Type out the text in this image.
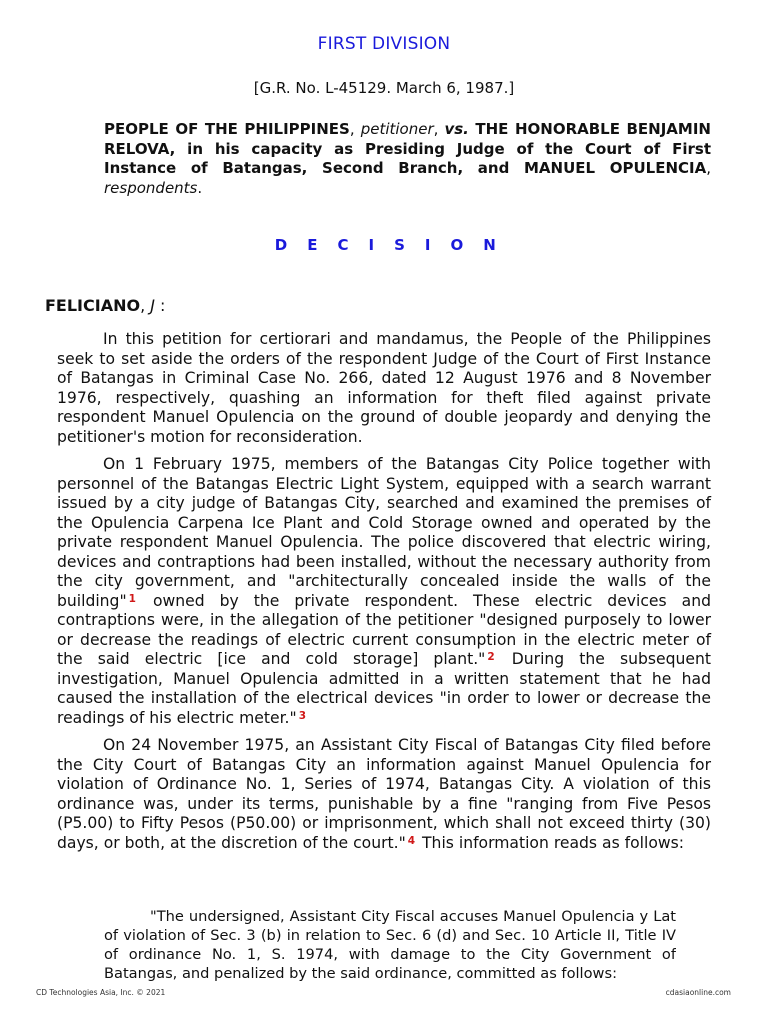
FIRST DIVISION
[G.R. No. L-45129. March 6, 1987.]
PEOPLE OF THE PHILIPPINES, petitioner, vs. THE HONORABLE BENJAMIN RELOVA, in his capacity as Presiding Judge of the Court of First Instance of Batangas, Second Branch, and MANUEL OPULENCIA, respondents.
D E C I S I O N
FELICIANO, J :

In this petition for certiorari and mandamus, the People of the Philippines seek to set aside the orders of the respondent Judge of the Court of First Instance of Batangas in Criminal Case No. 266, dated 12 August 1976 and 8 November 1976, respectively, quashing an information for theft filed against private respondent Manuel Opulencia on the ground of double jeopardy and denying the petitioner's motion for reconsideration.

On 1 February 1975, members of the Batangas City Police together with personnel of the Batangas Electric Light System, equipped with a search warrant issued by a city judge of Batangas City, searched and examined the premises of the Opulencia Carpena Ice Plant and Cold Storage owned and operated by the private respondent Manuel Opulencia. The police discovered that electric wiring, devices and contraptions had been installed, without the necessary authority from the city government, and "architecturally concealed inside the walls of the building" $^1$ owned by the private respondent. These electric devices and contraptions were, in the allegation of the petitioner "designed purposely to lower or decrease the readings of electric current consumption in the electric meter of the said electric [ice and cold storage] plant." $^2$ During the subsequent investigation, Manuel Opulencia admitted in a written statement that he had caused the installation of the electrical devices "in order to lower or decrease the readings of his electric meter." $^3$

On 24 November 1975, an Assistant City Fiscal of Batangas City filed before the City Court of Batangas City an information against Manuel Opulencia for violation of Ordinance No. 1, Series of 1974, Batangas City. A violation of this ordinance was, under its terms, punishable by a fine "ranging from Five Pesos (P5.00) to Fifty Pesos (P50.00) or imprisonment, which shall not exceed thirty (30) days, or both, at the discretion of the court." $^4$ This information reads as follows:

"The undersigned, Assistant City Fiscal accuses Manuel Opulencia y Lat of violation of Sec. 3 (b) in relation to Sec. 6 (d) and Sec. 10 Article II, Title IV of ordinance No. 1, S. 1974, with damage to the City Government of Batangas, and penalized by the said ordinance, committed as follows:

CD Technologies Asia, Inc. © 2021	cdasiaonline.com
